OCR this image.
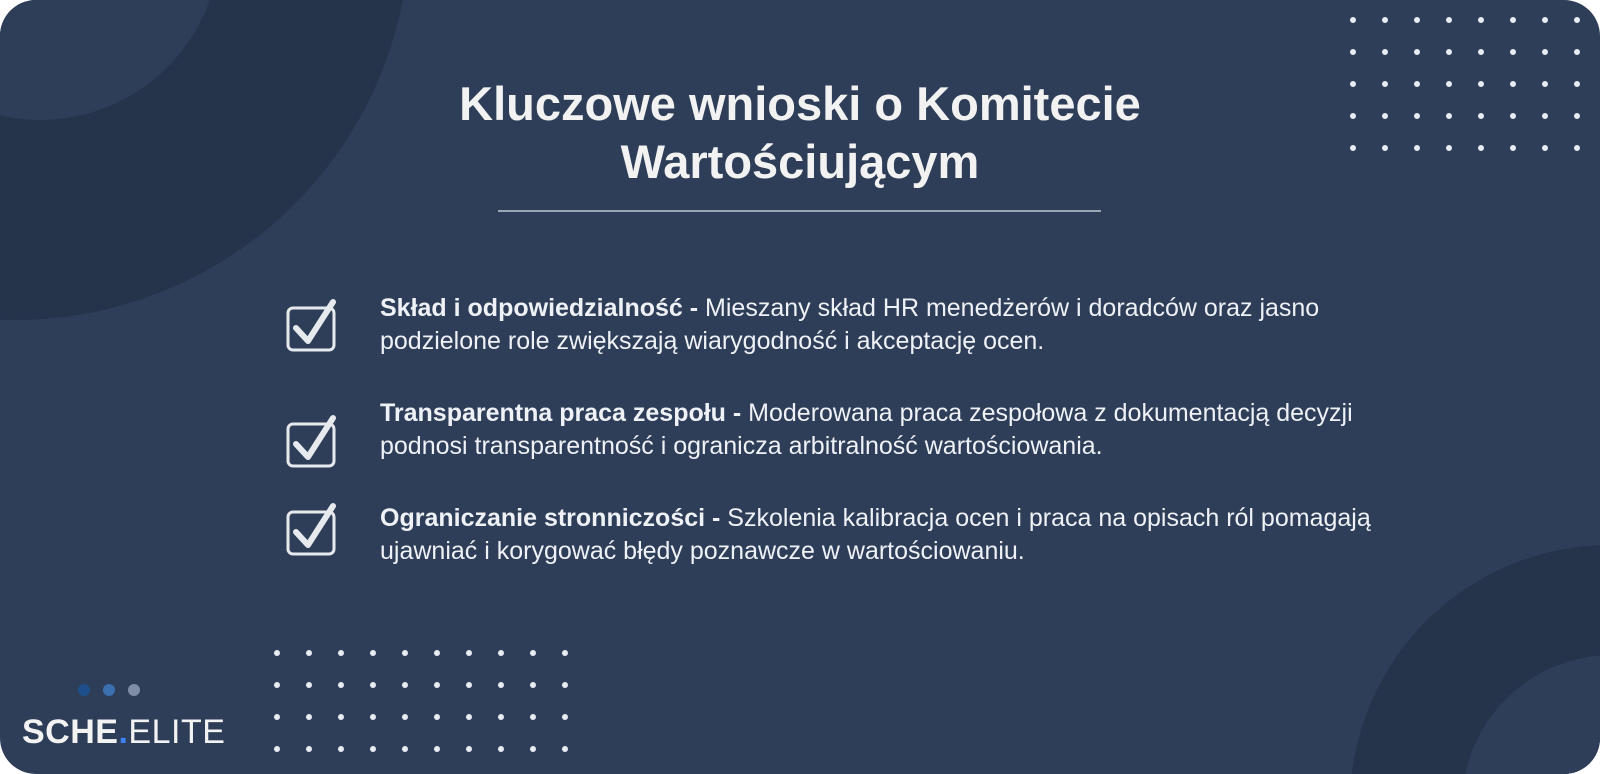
Kluczowe wnioski o Komitecie Wartościującym
Skład i odpowiedzialność - Mieszany skład HR menedżerów i doradców oraz jasno podzielone role zwiększają wiarygodność i akceptację ocen.
Transparentna praca zespołu - Moderowana praca zespołowa z dokumentacją decyzji podnosi transparentność i ogranicza arbitralność wartościowania.
Ograniczanie stronniczości - Szkolenia kalibracja ocen i praca na opisach ról pomagają ujawniać i korygować błędy poznawcze w wartościowaniu.
SCHE.ELITE
